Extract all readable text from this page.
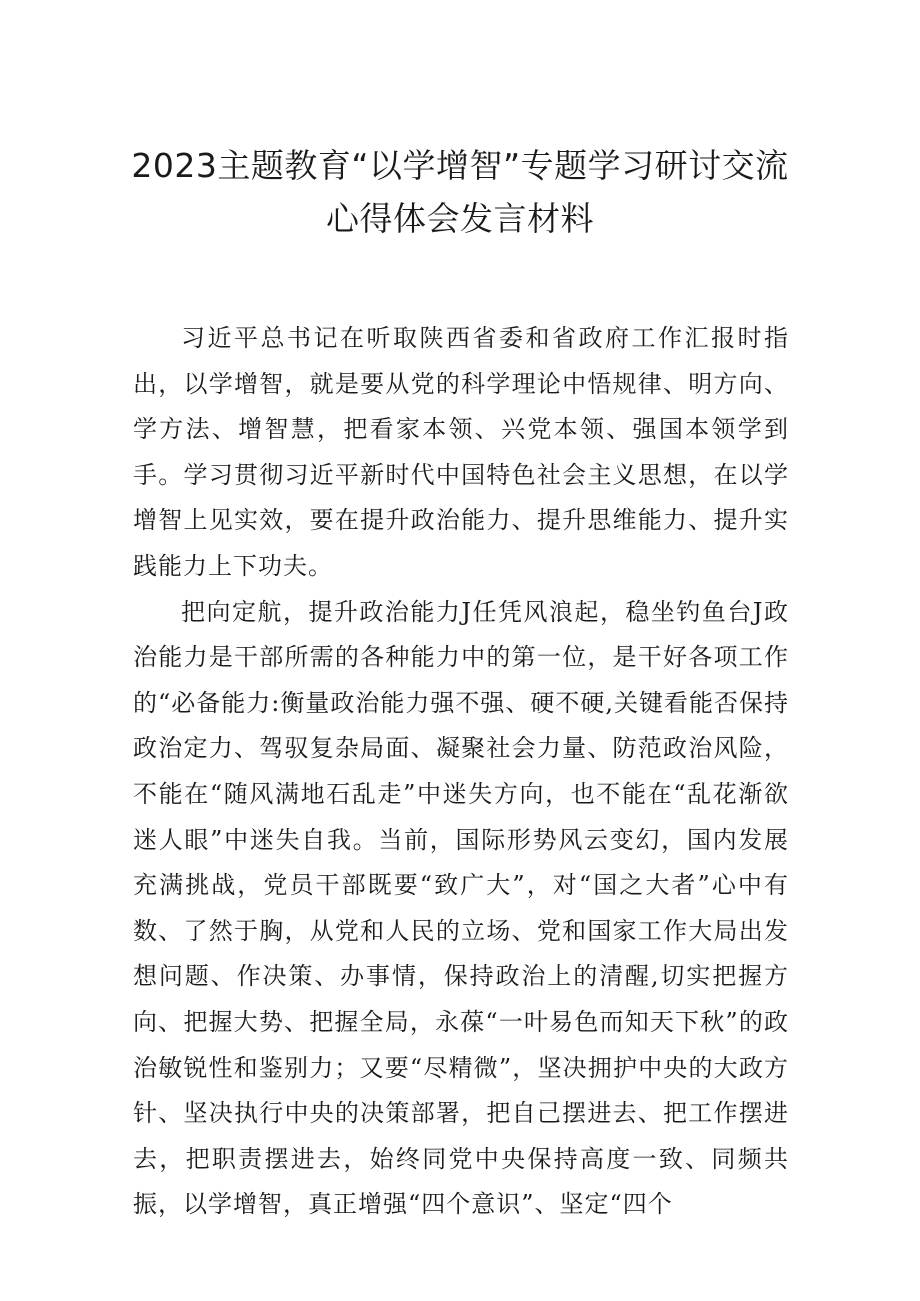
2023主题教育“以学增智”专题学习研讨交流
心得体会发言材料

习近平总书记在听取陕西省委和省政府工作汇报时指出，以学增智，就是要从党的科学理论中悟规律、明方向、学方法、增智慧，把看家本领、兴党本领、强国本领学到手。学习贯彻习近平新时代中国特色社会主义思想，在以学增智上见实效，要在提升政治能力、提升思维能力、提升实践能力上下功夫。

把向定航，提升政治能力J任凭风浪起，稳坐钓鱼台J政治能力是干部所需的各种能力中的第一位，是干好各项工作的“必备能力:衡量政治能力强不强、硬不硬,关键看能否保持政治定力、驾驭复杂局面、凝聚社会力量、防范政治风险，不能在“随风满地石乱走”中迷失方向，也不能在“乱花渐欲迷人眼”中迷失自我。当前，国际形势风云变幻，国内发展充满挑战，党员干部既要“致广大”，对“国之大者”心中有数、了然于胸，从党和人民的立场、党和国家工作大局出发想问题、作决策、办事情，保持政治上的清醒,切实把握方向、把握大势、把握全局，永葆“一叶易色而知天下秋”的政治敏锐性和鉴别力；又要“尽精微”，坚决拥护中央的大政方针、坚决执行中央的决策部署，把自己摆进去、把工作摆进去，把职责摆进去，始终同党中央保持高度一致、同频共振，以学增智，真正增强“四个意识”、坚定“四个
